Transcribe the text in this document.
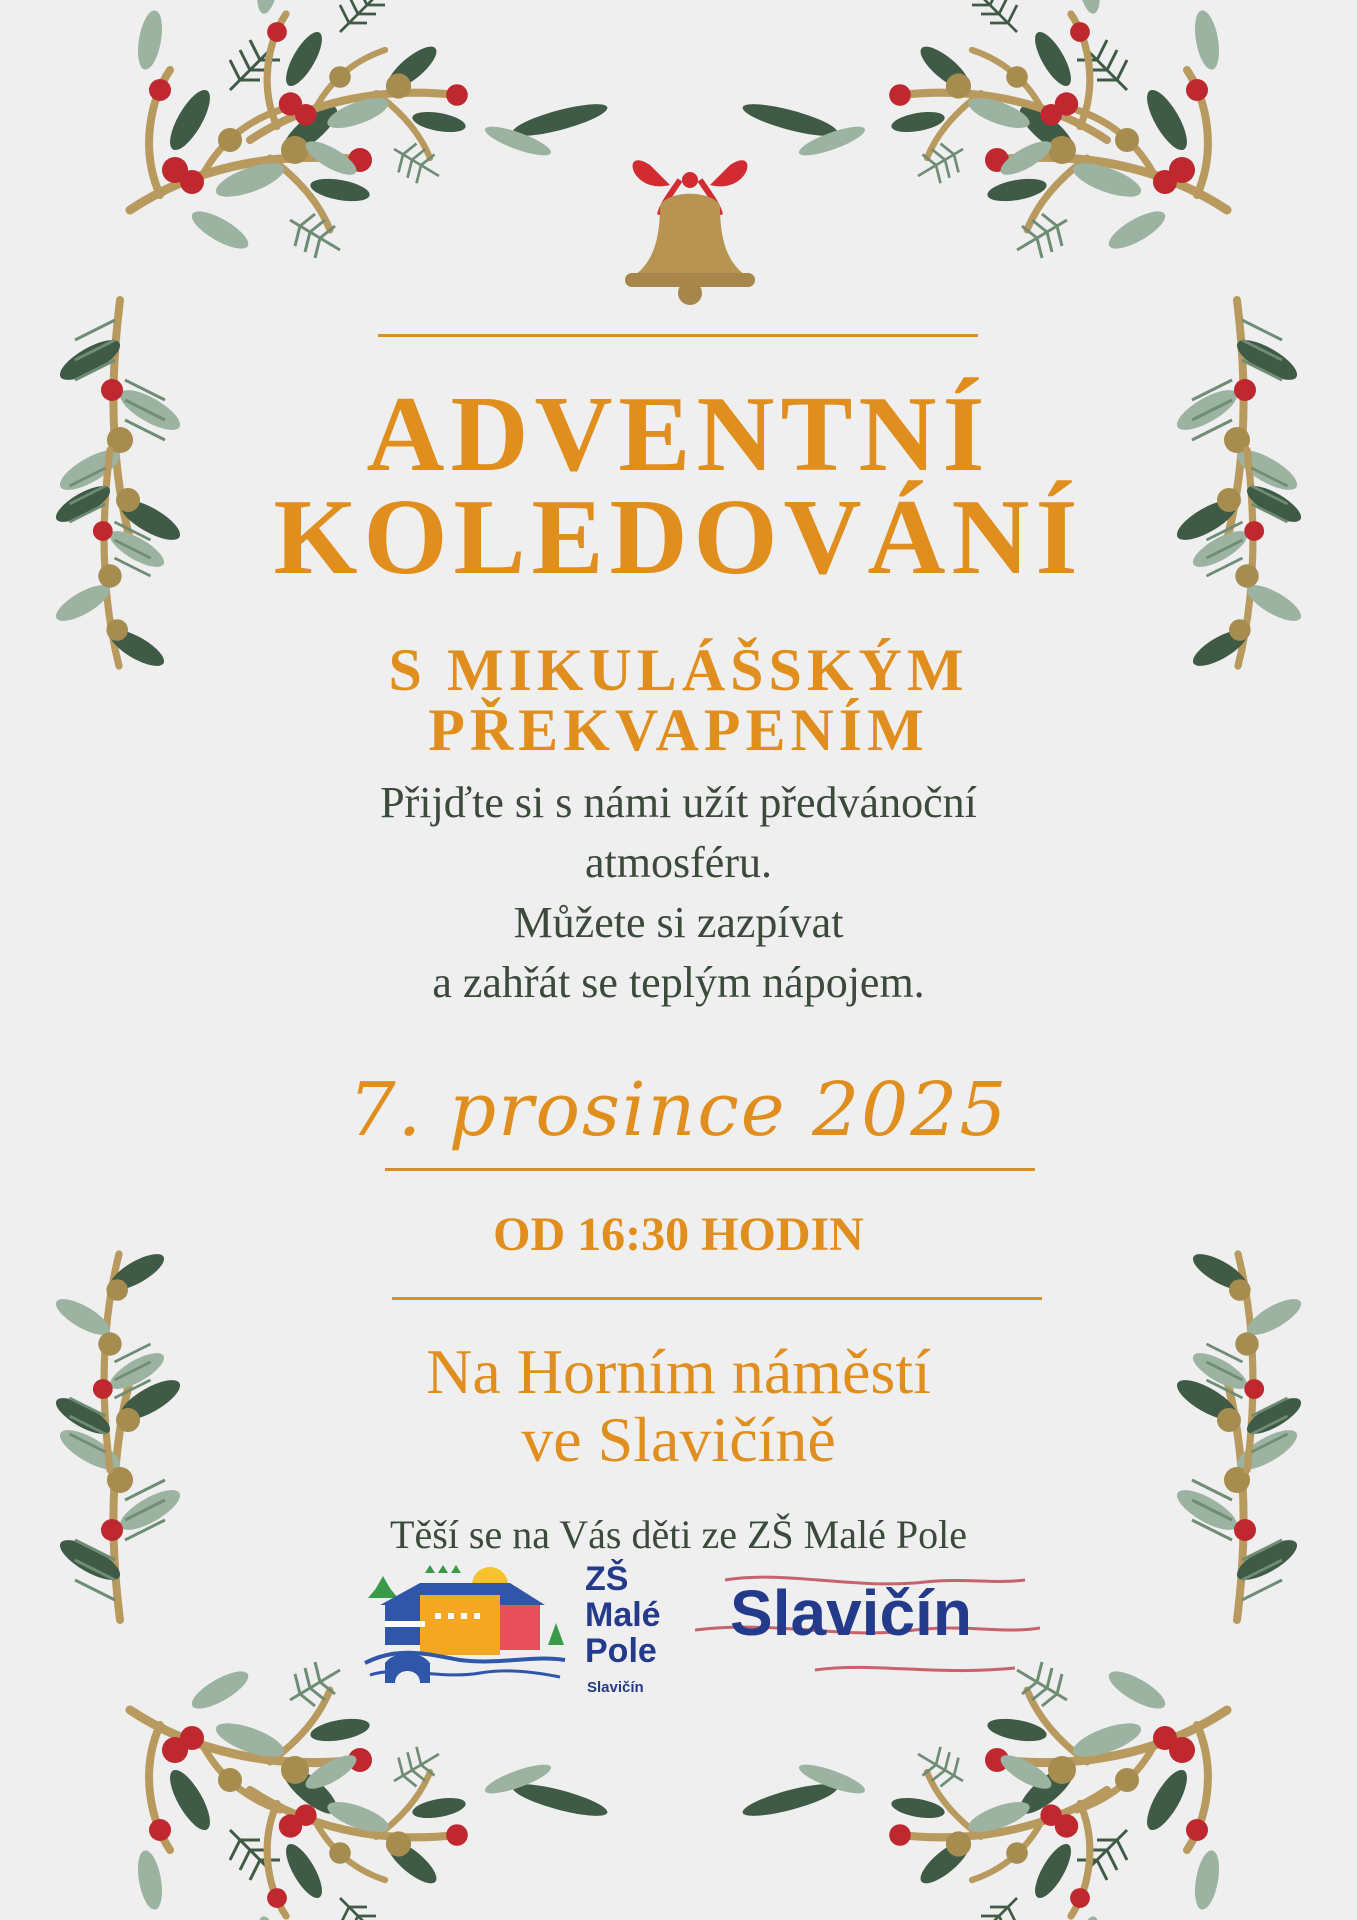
ADVENTNÍ
KOLEDOVÁNÍ
S MIKULÁŠSKÝM
PŘEKVAPENÍM

Přijďte si s námi užít předvánoční

atmosféru.

Můžete si zazpívat

a zahřát se teplým nápojem.

7. prosince 2025

OD 16:30 HODIN

Na Horním náměstí

ve Slavičíně

Těší se na Vás děti ze ZŠ Malé Pole

ZŠ
Malé
Pole
Slavičín
Slavičín
